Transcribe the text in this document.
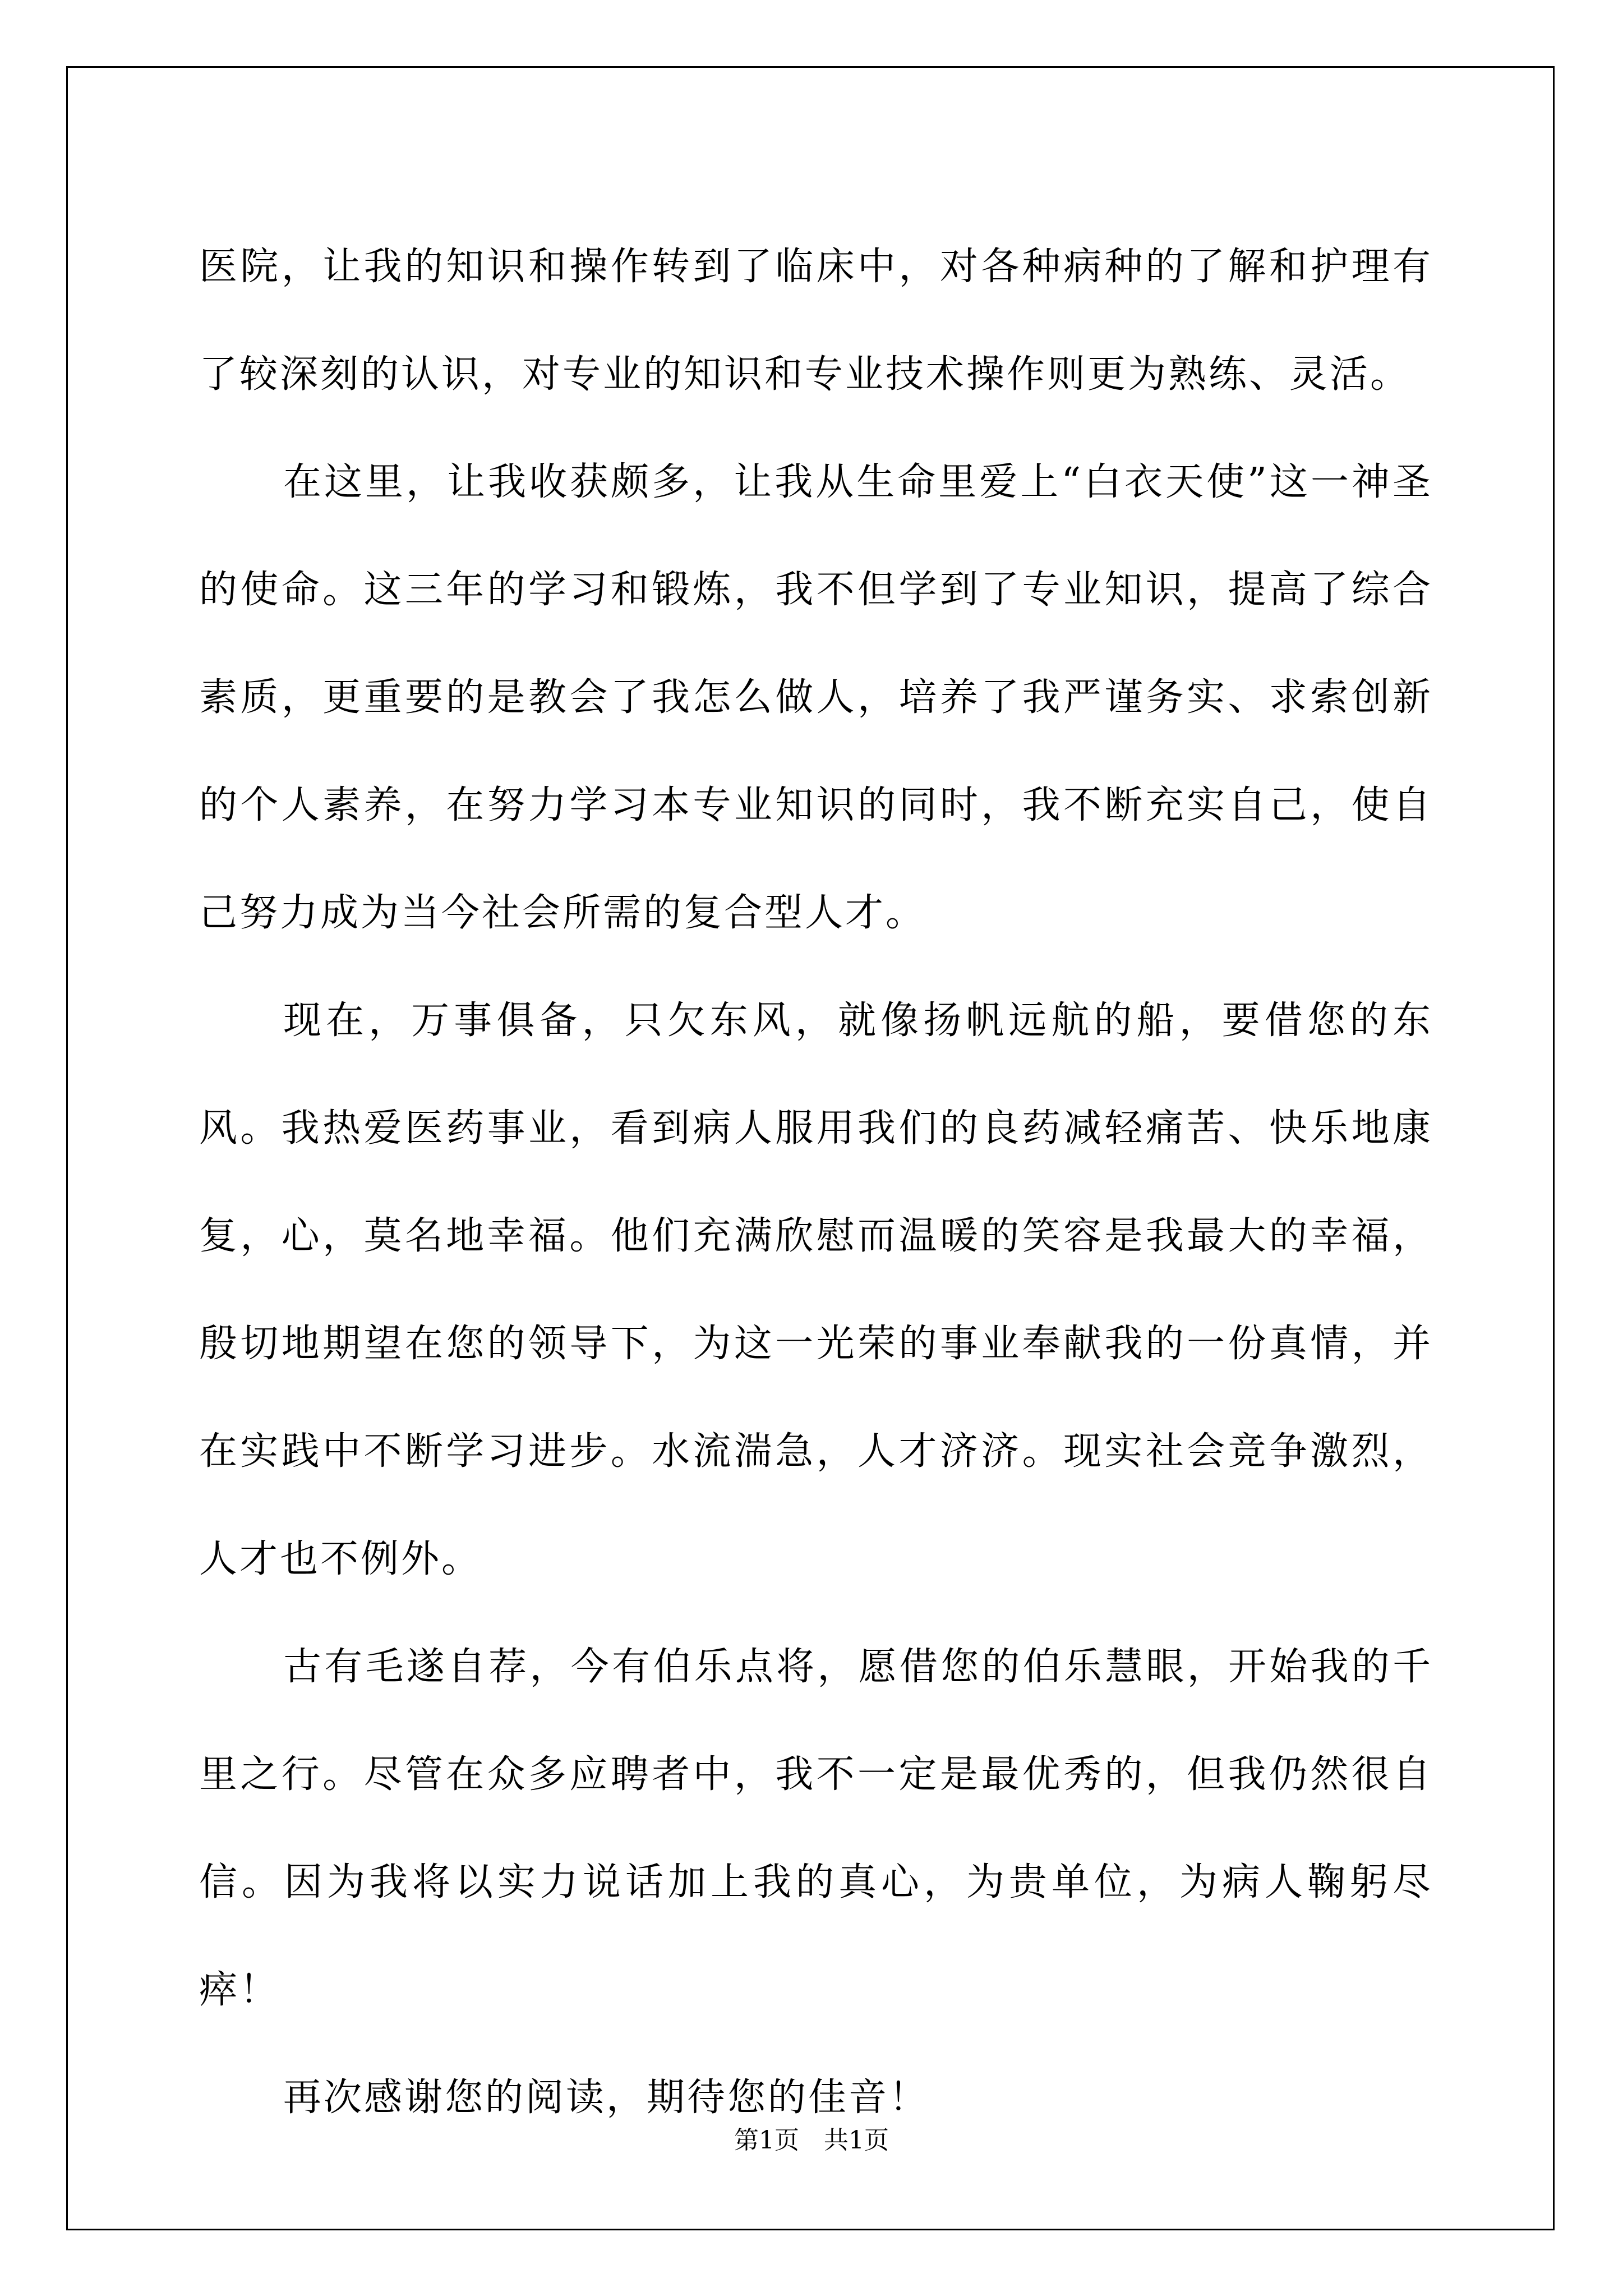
医院，让我的知识和操作转到了临床中，对各种病种的了解和护理有了较深刻的认识，对专业的知识和专业技术操作则更为熟练、灵活。

在这里，让我收获颇多，让我从生命里爱上“白衣天使”这一神圣的使命。这三年的学习和锻炼，我不但学到了专业知识，提高了综合素质，更重要的是教会了我怎么做人，培养了我严谨务实、求索创新的个人素养，在努力学习本专业知识的同时，我不断充实自己，使自己努力成为当今社会所需的复合型人才。

现在，万事俱备，只欠东风，就像扬帆远航的船，要借您的东风。我热爱医药事业，看到病人服用我们的良药减轻痛苦、快乐地康复，心，莫名地幸福。他们充满欣慰而温暖的笑容是我最大的幸福，殷切地期望在您的领导下，为这一光荣的事业奉献我的一份真情，并在实践中不断学习进步。水流湍急，人才济济。现实社会竞争激烈，人才也不例外。

古有毛遂自荐，今有伯乐点将，愿借您的伯乐慧眼，开始我的千里之行。尽管在众多应聘者中，我不一定是最优秀的，但我仍然很自信。因为我将以实力说话加上我的真心，为贵单位，为病人鞠躬尽瘁！

再次感谢您的阅读，期待您的佳音！

第1页　共1页
